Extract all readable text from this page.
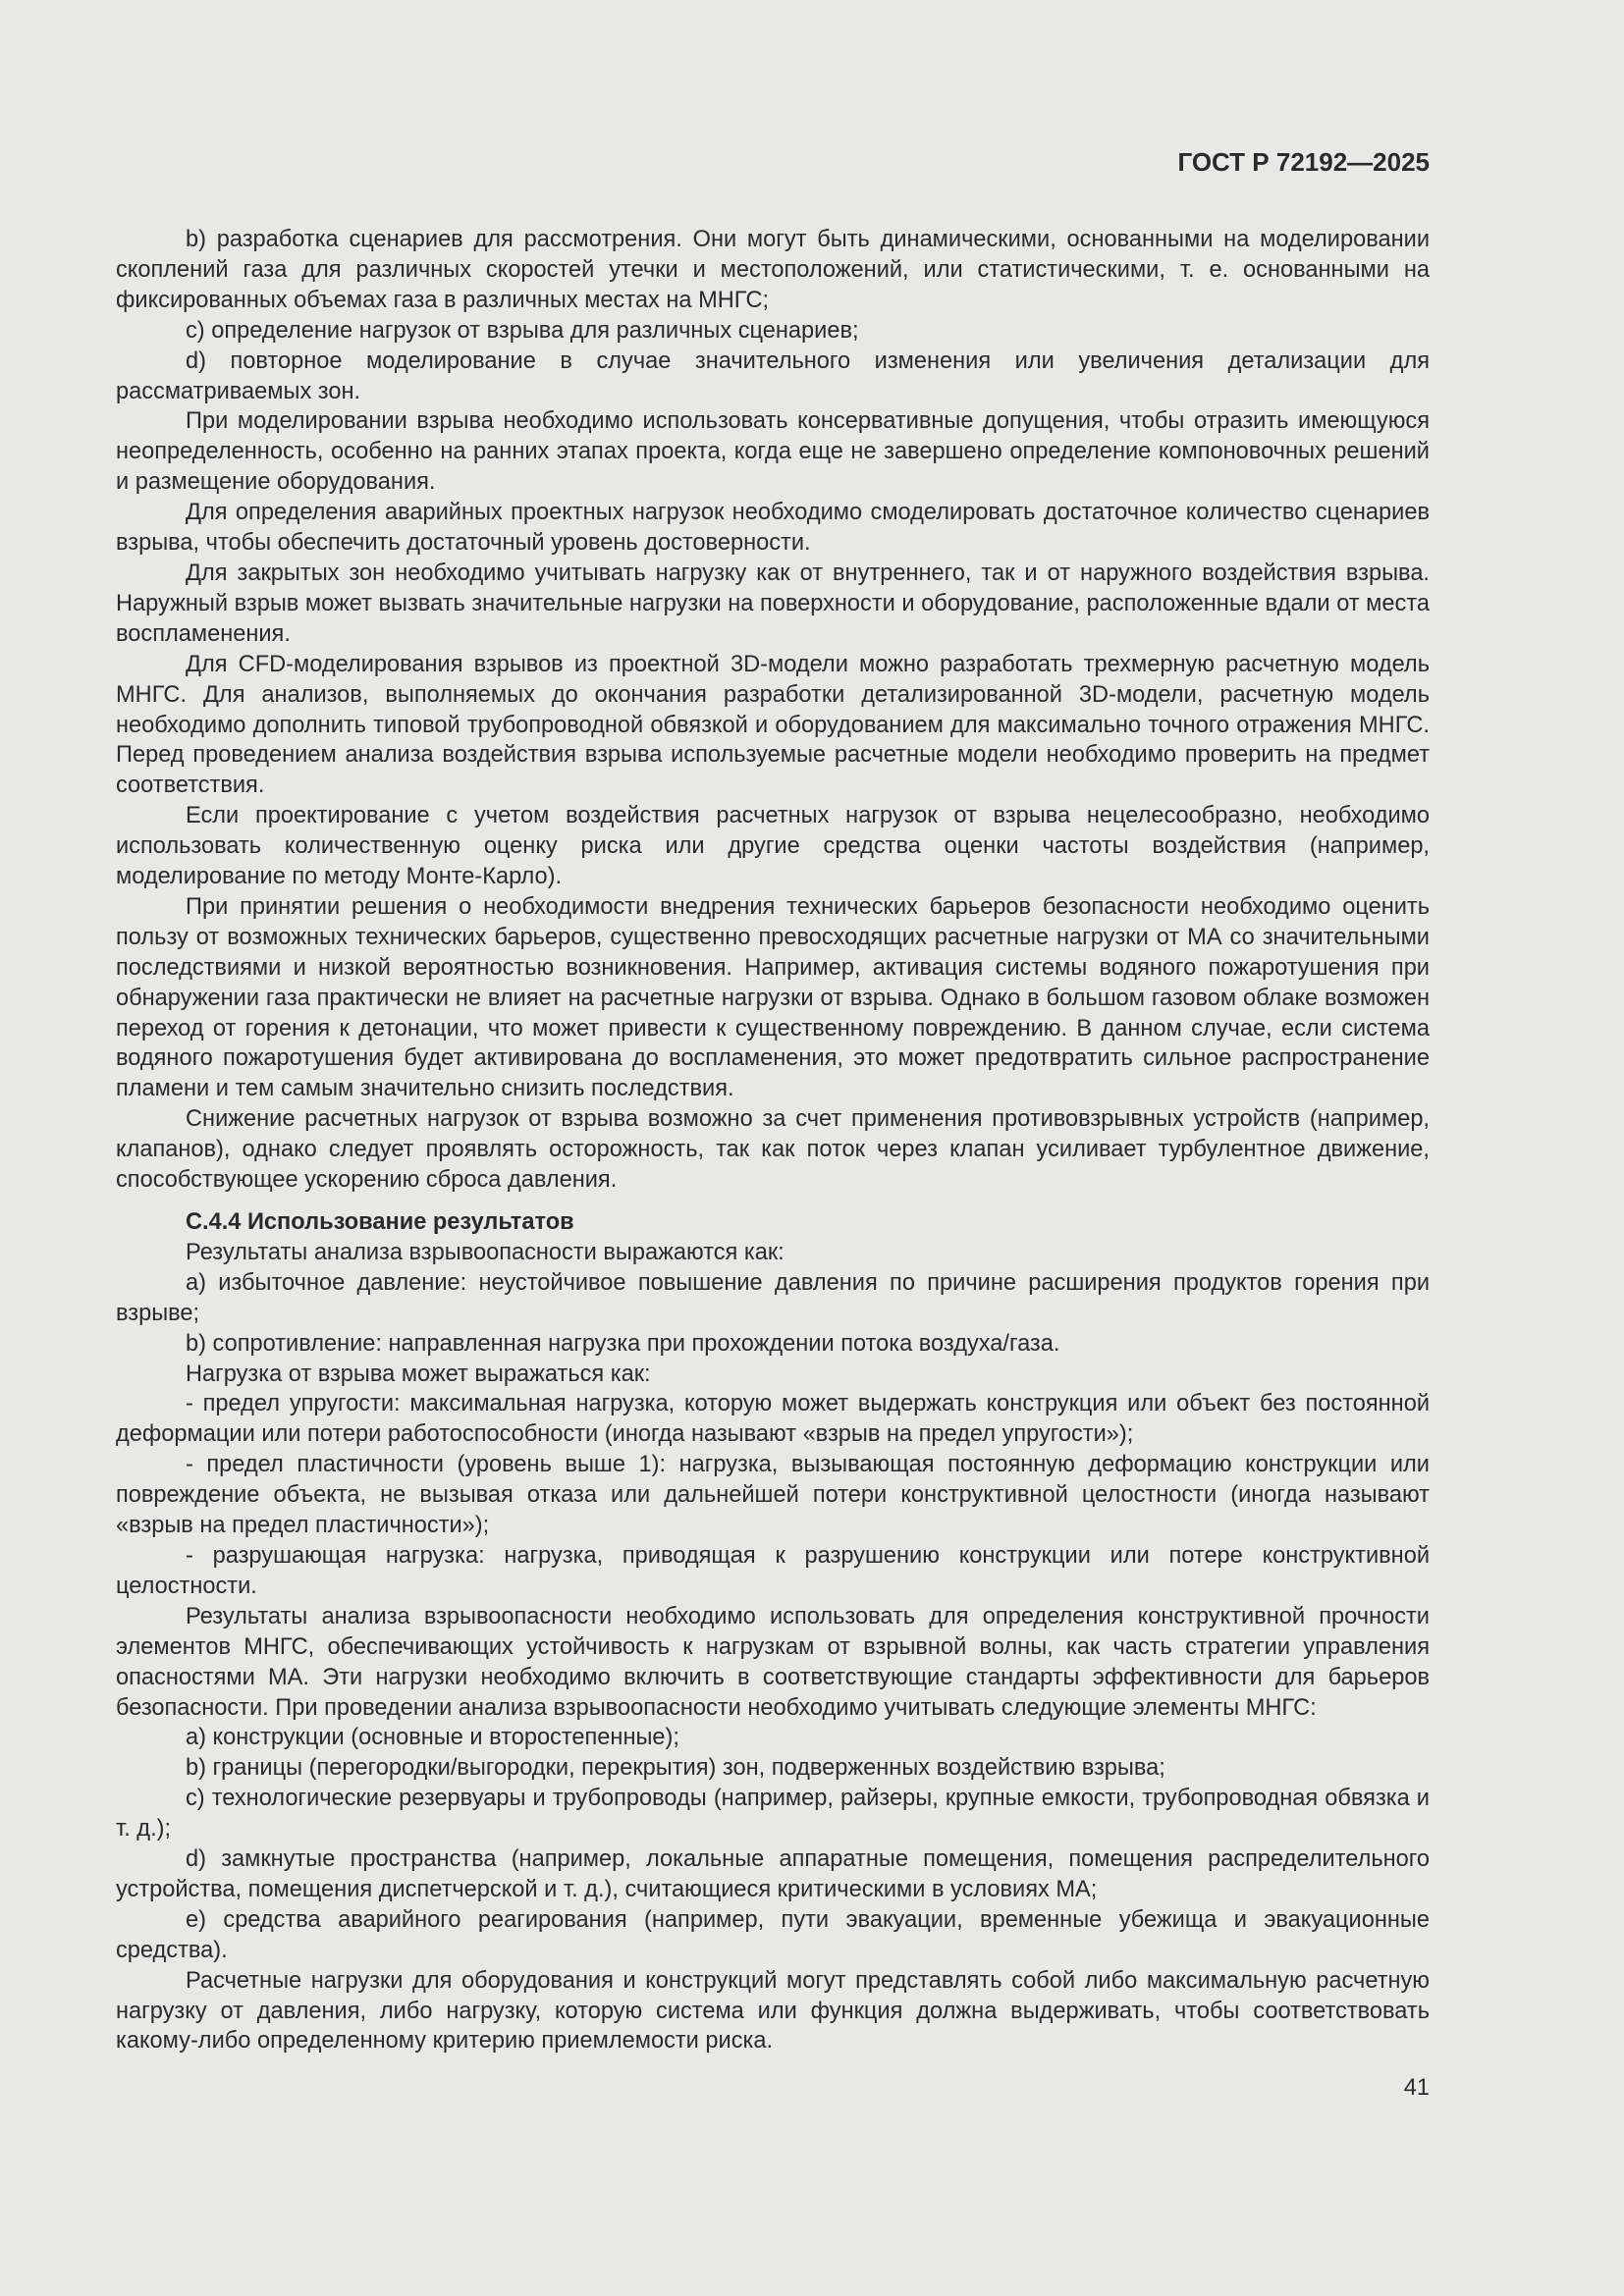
ГОСТ Р 72192—2025

b) разработка сценариев для рассмотрения. Они могут быть динамическими, основанными на моделировании скоплений газа для различных скоростей утечки и местоположений, или статистическими, т. е. основанными на фиксированных объемах газа в различных местах на МНГС;

c) определение нагрузок от взрыва для различных сценариев;

d) повторное моделирование в случае значительного изменения или увеличения детализации для рассматриваемых зон.

При моделировании взрыва необходимо использовать консервативные допущения, чтобы отразить имеющуюся неопределенность, особенно на ранних этапах проекта, когда еще не завершено определение компоновочных решений и размещение оборудования.

Для определения аварийных проектных нагрузок необходимо смоделировать достаточное количество сценариев взрыва, чтобы обеспечить достаточный уровень достоверности.

Для закрытых зон необходимо учитывать нагрузку как от внутреннего, так и от наружного воздействия взрыва. Наружный взрыв может вызвать значительные нагрузки на поверхности и оборудование, расположенные вдали от места воспламенения.

Для CFD-моделирования взрывов из проектной 3D-модели можно разработать трехмерную расчетную модель МНГС. Для анализов, выполняемых до окончания разработки детализированной 3D-модели, расчетную модель необходимо дополнить типовой трубопроводной обвязкой и оборудованием для максимально точного отражения МНГС. Перед проведением анализа воздействия взрыва используемые расчетные модели необходимо проверить на предмет соответствия.

Если проектирование с учетом воздействия расчетных нагрузок от взрыва нецелесообразно, необходимо использовать количественную оценку риска или другие средства оценки частоты воздействия (например, моделирование по методу Монте-Карло).

При принятии решения о необходимости внедрения технических барьеров безопасности необходимо оценить пользу от возможных технических барьеров, существенно превосходящих расчетные нагрузки от МА со значительными последствиями и низкой вероятностью возникновения. Например, активация системы водяного пожаротушения при обнаружении газа практически не влияет на расчетные нагрузки от взрыва. Однако в большом газовом облаке возможен переход от горения к детонации, что может привести к существенному повреждению. В данном случае, если система водяного пожаротушения будет активирована до воспламенения, это может предотвратить сильное распространение пламени и тем самым значительно снизить последствия.

Снижение расчетных нагрузок от взрыва возможно за счет применения противовзрывных устройств (например, клапанов), однако следует проявлять осторожность, так как поток через клапан усиливает турбулентное движение, способствующее ускорению сброса давления.

С.4.4 Использование результатов

Результаты анализа взрывоопасности выражаются как:

a) избыточное давление: неустойчивое повышение давления по причине расширения продуктов горения при взрыве;

b) сопротивление: направленная нагрузка при прохождении потока воздуха/газа.

Нагрузка от взрыва может выражаться как:

- предел упругости: максимальная нагрузка, которую может выдержать конструкция или объект без постоянной деформации или потери работоспособности (иногда называют «взрыв на предел упругости»);

- предел пластичности (уровень выше 1): нагрузка, вызывающая постоянную деформацию конструкции или повреждение объекта, не вызывая отказа или дальнейшей потери конструктивной целостности (иногда называют «взрыв на предел пластичности»);

- разрушающая нагрузка: нагрузка, приводящая к разрушению конструкции или потере конструктивной целостности.

Результаты анализа взрывоопасности необходимо использовать для определения конструктивной прочности элементов МНГС, обеспечивающих устойчивость к нагрузкам от взрывной волны, как часть стратегии управления опасностями МА. Эти нагрузки необходимо включить в соответствующие стандарты эффективности для барьеров безопасности. При проведении анализа взрывоопасности необходимо учитывать следующие элементы МНГС:

a) конструкции (основные и второстепенные);

b) границы (перегородки/выгородки, перекрытия) зон, подверженных воздействию взрыва;

c) технологические резервуары и трубопроводы (например, райзеры, крупные емкости, трубопроводная обвязка и т. д.);

d) замкнутые пространства (например, локальные аппаратные помещения, помещения распределительного устройства, помещения диспетчерской и т. д.), считающиеся критическими в условиях МА;

e) средства аварийного реагирования (например, пути эвакуации, временные убежища и эвакуационные средства).

Расчетные нагрузки для оборудования и конструкций могут представлять собой либо максимальную расчетную нагрузку от давления, либо нагрузку, которую система или функция должна выдерживать, чтобы соответствовать какому-либо определенному критерию приемлемости риска.

41
